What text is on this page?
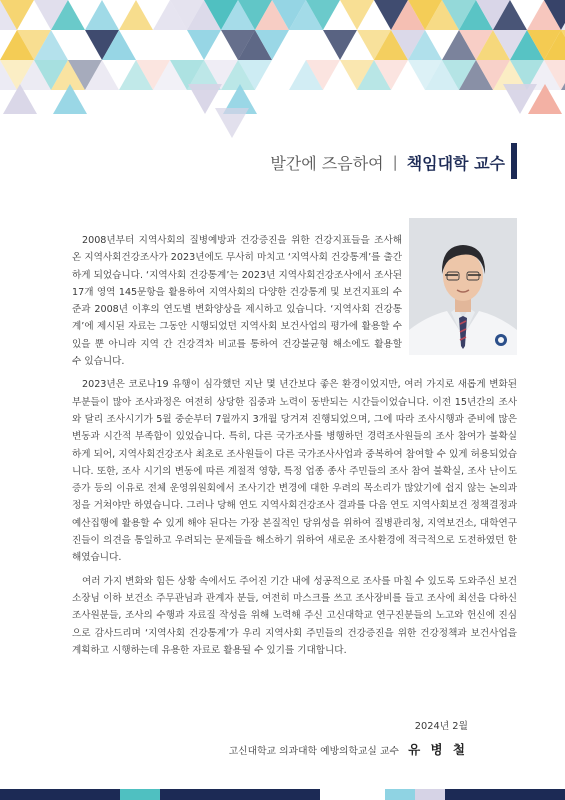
발간에 즈음하여 | 책임대학 교수

2008년부터 지역사회의 질병예방과 건강증진을 위한 건강지표들을 조사해온 지역사회건강조사가 2023년에도 무사히 마치고 ‘지역사회 건강통계’를 출간하게 되었습니다. ‘지역사회 건강통계’는 2023년 지역사회건강조사에서 조사된 17개 영역 145문항을 활용하여 지역사회의 다양한 건강통계 및 보건지표의 수준과 2008년 이후의 연도별 변화양상을 제시하고 있습니다. ‘지역사회 건강통계’에 제시된 자료는 그동안 시행되었던 지역사회 보건사업의 평가에 활용할 수 있을 뿐 아니라 지역 간 건강격차 비교를 통하여 건강불균형 해소에도 활용할 수 있습니다.

2023년은 코로나19 유행이 심각했던 지난 몇 년간보다 좋은 환경이었지만, 여러 가지로 새롭게 변화된 부분들이 많아 조사과정은 여전히 상당한 집중과 노력이 동반되는 시간들이었습니다. 이전 15년간의 조사와 달리 조사시기가 5월 중순부터 7월까지 3개월 당겨져 진행되었으며, 그에 따라 조사시행과 준비에 많은 변동과 시간적 부족함이 있었습니다. 특히, 다른 국가조사를 병행하던 경력조사원들의 조사 참여가 불확실하게 되어, 지역사회건강조사 최초로 조사원들이 다른 국가조사사업과 중복하여 참여할 수 있게 허용되었습니다. 또한, 조사 시기의 변동에 따른 계절적 영향, 특정 업종 종사 주민들의 조사 참여 불확실, 조사 난이도 증가 등의 이유로 전체 운영위원회에서 조사기간 변경에 대한 우려의 목소리가 많았기에 쉽지 않는 논의과정을 거쳐야만 하였습니다. 그러나 당해 연도 지역사회건강조사 결과를 다음 연도 지역사회보건 정책결정과 예산집행에 활용할 수 있게 해야 된다는 가장 본질적인 당위성을 위하여 질병관리청, 지역보건소, 대학연구진들이 의견을 통일하고 우려되는 문제들을 해소하기 위하여 새로운 조사환경에 적극적으로 도전하였던 한 해였습니다.

여러 가지 변화와 힘든 상황 속에서도 주어진 기간 내에 성공적으로 조사를 마칠 수 있도록 도와주신 보건소장님 이하 보건소 주무관님과 관계자 분들, 여전히 마스크를 쓰고 조사장비를 들고 조사에 최선을 다하신 조사원분들, 조사의 수행과 자료질 작성을 위해 노력해 주신 고신대학교 연구진분들의 노고와 헌신에 진심으로 감사드리며 ‘지역사회 건강통계’가 우리 지역사회 주민들의 건강증진을 위한 건강정책과 보건사업을 계획하고 시행하는데 유용한 자료로 활용될 수 있기를 기대합니다.

2024년 2월
고신대학교 의과대학 예방의학교실 교수 유 병 철
